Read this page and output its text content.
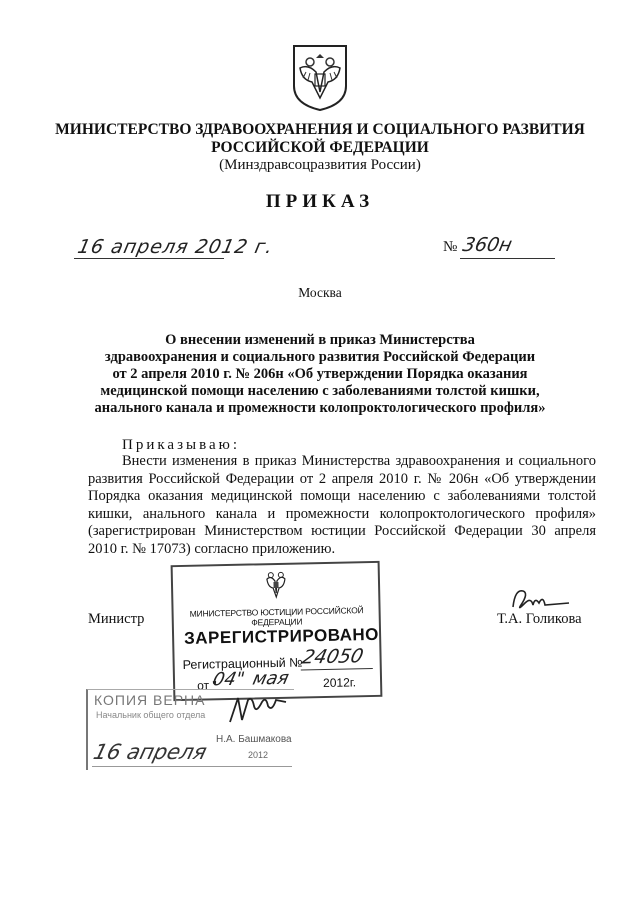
МИНИСТЕРСТВО ЗДРАВООХРАНЕНИЯ И СОЦИАЛЬНОГО РАЗВИТИЯ
РОССИЙСКОЙ ФЕДЕРАЦИИ
(Минздравсоцразвития России)
ПРИКАЗ
16 апреля 2012 г.	№ 360н
Москва
О внесении изменений в приказ Министерства
здравоохранения и социального развития Российской Федерации
от 2 апреля 2010 г. № 206н «Об утверждении Порядка оказания
медицинской помощи населению с заболеваниями толстой кишки,
анального канала и промежности колопроктологического профиля»
Приказываю:
Внести изменения в приказ Министерства здравоохранения и социального развития Российской Федерации от 2 апреля 2010 г. № 206н «Об утверждении Порядка оказания медицинской помощи населению с заболеваниями толстой кишки, анального канала и промежности колопроктологического профиля» (зарегистрирован Министерством юстиции Российской Федерации 30 апреля 2010 г. № 17073) согласно приложению.
Министр	Т.А. Голикова
МИНИСТЕРСТВО ЮСТИЦИИ РОССИЙСКОЙ ФЕДЕРАЦИИ
ЗАРЕГИСТРИРОВАНО
Регистрационный №
24050
от "
04" мая	2012г.
КОПИЯ ВЕРНА
Начальник общего отдела
Н.А. Башмакова
16 апреля	2012
